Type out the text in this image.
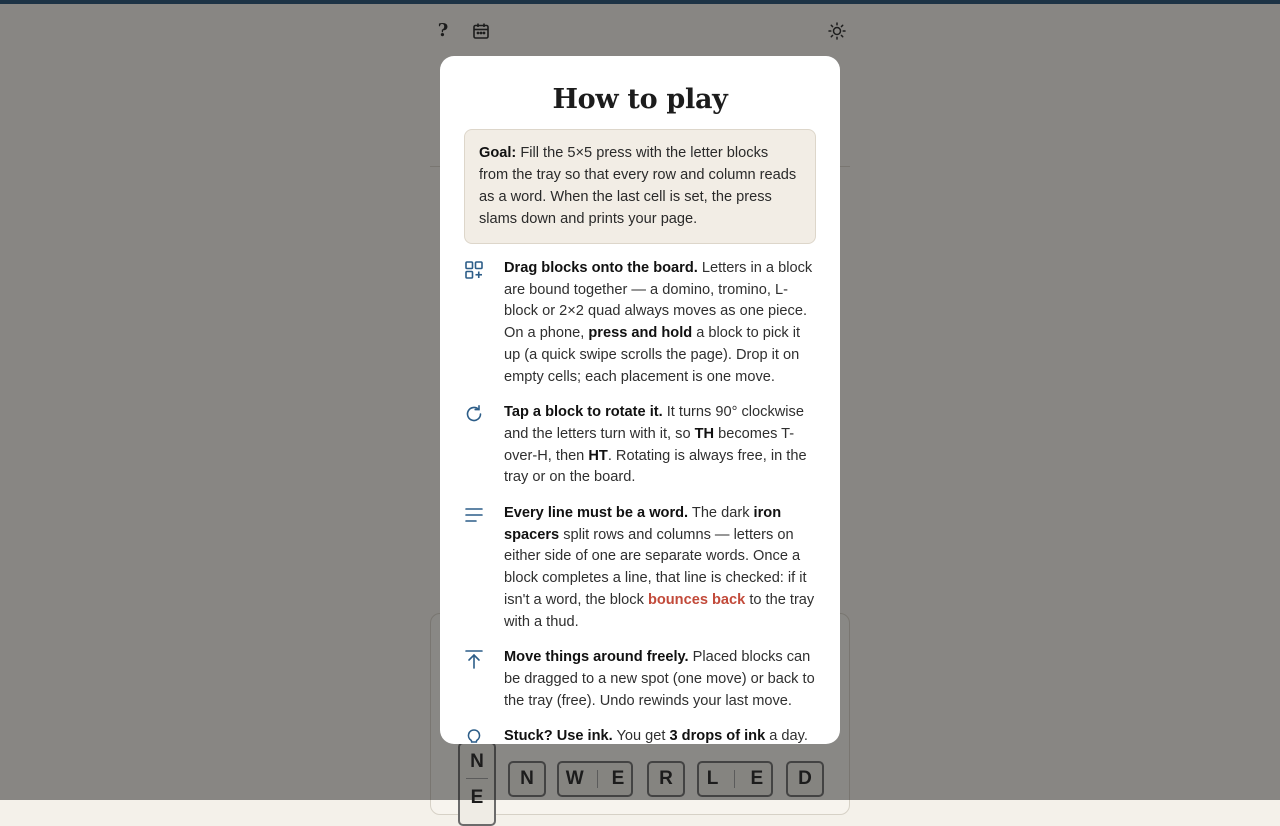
How to play
Goal: Fill the 5×5 press with the letter blocks from the tray so that every row and column reads as a word. When the last cell is set, the press slams down and prints your page.
Drag blocks onto the board. Letters in a block are bound together — a domino, tromino, L-block or 2×2 quad always moves as one piece. On a phone, press and hold a block to pick it up (a quick swipe scrolls the page). Drop it on empty cells; each placement is one move.
Tap a block to rotate it. It turns 90° clockwise and the letters turn with it, so TH becomes T-over-H, then HT. Rotating is always free, in the tray or on the board.
Every line must be a word. The dark iron spacers split rows and columns — letters on either side of one are separate words. Once a block completes a line, that line is checked: if it isn't a word, the block bounces back to the tray with a thud.
Move things around freely. Placed blocks can be dragged to a new spot (one move) or back to the tray (free). Undo rewinds your last move.
Stuck? Use ink. You get 3 drops of ink a day.
